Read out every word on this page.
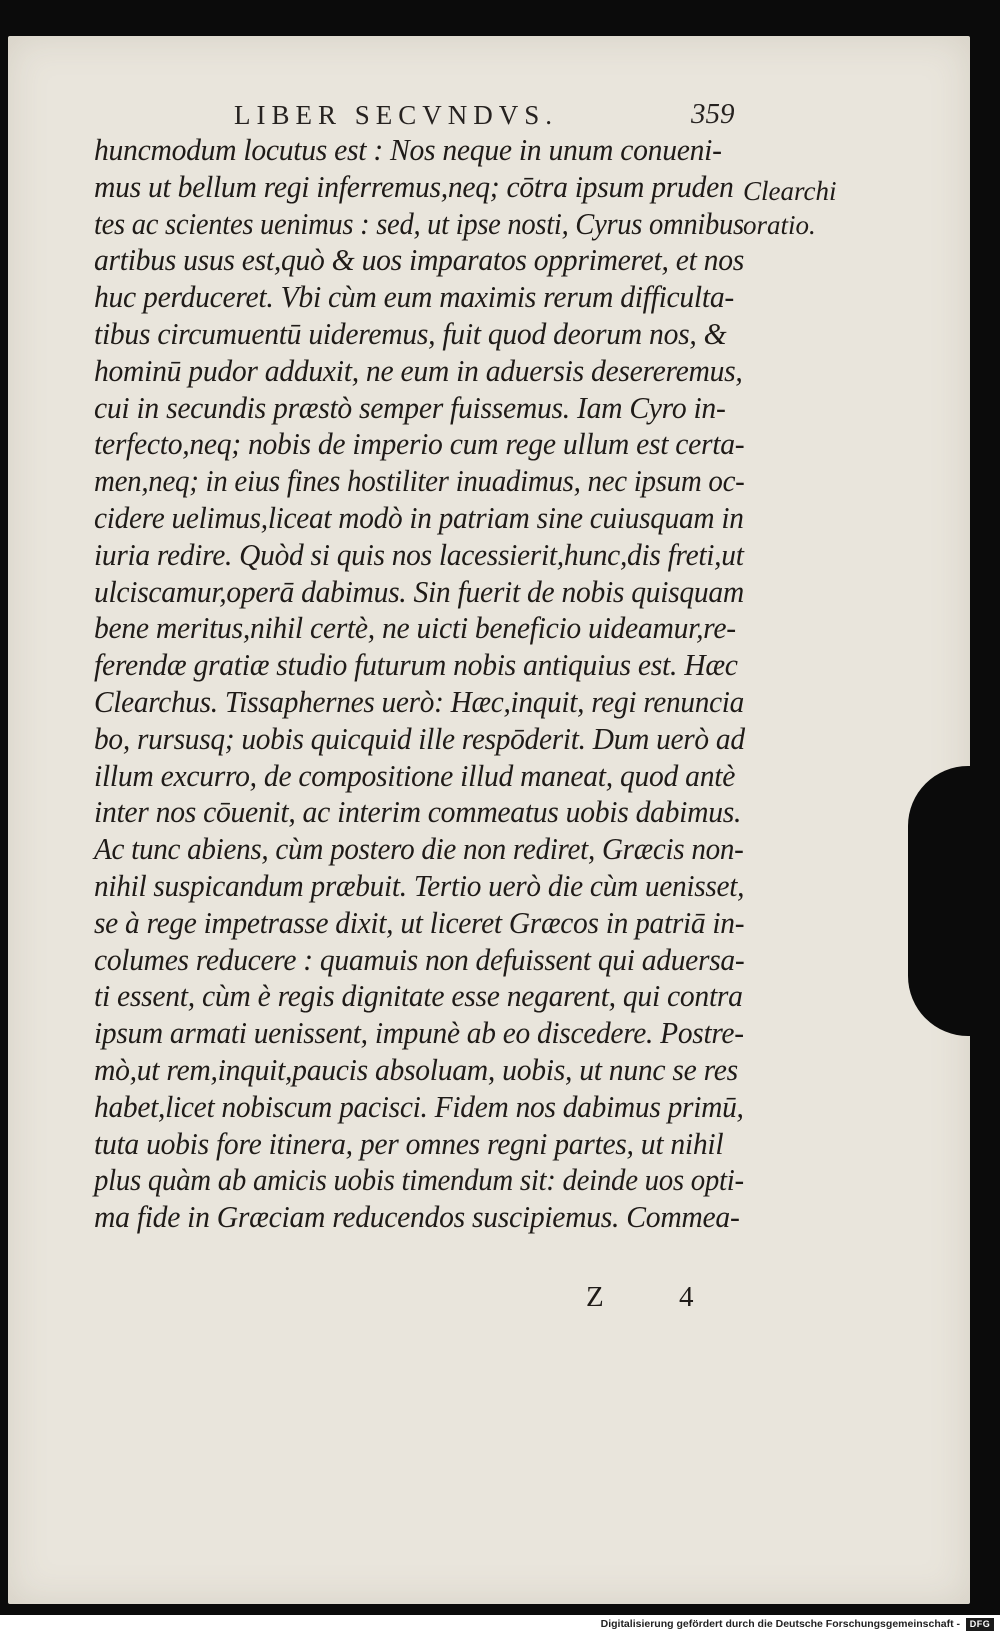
LIBER SECVNDVS.	359
huncmodum locutus est : Nos neque in unum conueni-
mus ut bellum regi inferremus,neq; cōtra ipsum pruden
tes ac scientes uenimus : sed, ut ipse nosti, Cyrus omnibus
artibus usus est,quò & uos imparatos opprimeret, et nos
huc perduceret. Vbi cùm eum maximis rerum difficulta-
tibus circumuentū uideremus, fuit quod deorum nos, &
hominū pudor adduxit, ne eum in aduersis desereremus,
cui in secundis præstò semper fuissemus. Iam Cyro in-
terfecto,neq; nobis de imperio cum rege ullum est certa-
men,neq; in eius fines hostiliter inuadimus, nec ipsum oc-
cidere uelimus,liceat modò in patriam sine cuiusquam in
iuria redire. Quòd si quis nos lacessierit,hunc,dis freti,ut
ulciscamur,operā dabimus. Sin fuerit de nobis quisquam
bene meritus,nihil certè, ne uicti beneficio uideamur,re-
ferendæ gratiæ studio futurum nobis antiquius est. Hæc
Clearchus. Tissaphernes uerò: Hæc,inquit, regi renuncia
bo, rursusq; uobis quicquid ille respōderit. Dum uerò ad
illum excurro, de compositione illud maneat, quod antè
inter nos cōuenit, ac interim commeatus uobis dabimus.
Ac tunc abiens, cùm postero die non rediret, Græcis non-
nihil suspicandum præbuit. Tertio uerò die cùm uenisset,
se à rege impetrasse dixit, ut liceret Græcos in patriā in-
columes reducere : quamuis non defuissent qui aduersa-
ti essent, cùm è regis dignitate esse negarent, qui contra
ipsum armati uenissent, impunè ab eo discedere. Postre-
mò,ut rem,inquit,paucis absoluam, uobis, ut nunc se res
habet,licet nobiscum pacisci. Fidem nos dabimus primū,
tuta uobis fore itinera, per omnes regni partes, ut nihil
plus quàm ab amicis uobis timendum sit: deinde uos opti-
ma fide in Græciam reducendos suscipiemus. Commea-
Clearchi
oratio.
Z 4
Digitalisierung gefördert durch die Deutsche Forschungsgemeinschaft -	DFG
